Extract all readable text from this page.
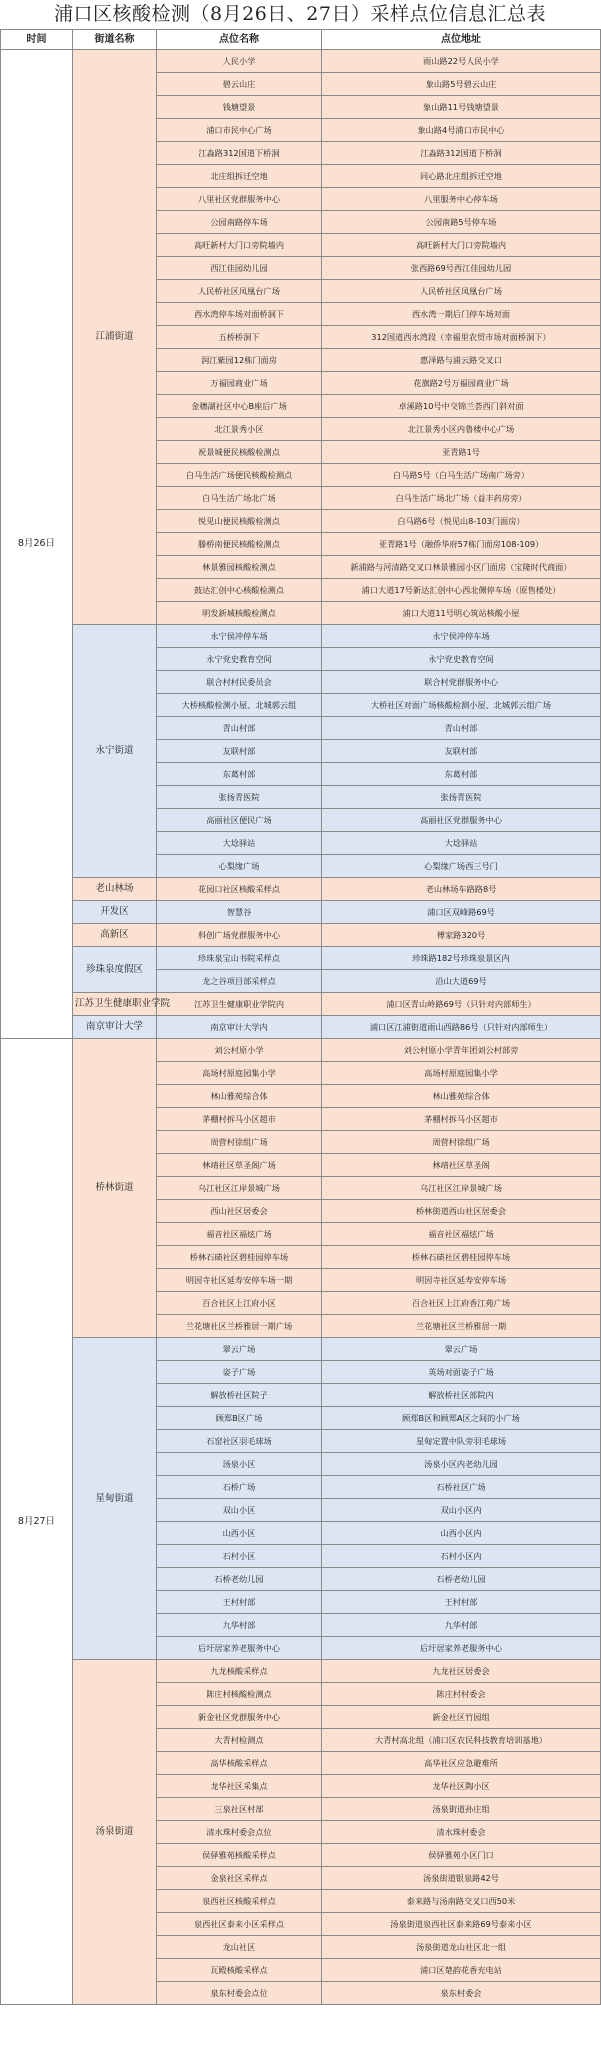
浦口区核酸检测（8月26日、27日）采样点位信息汇总表
时间	街道名称	点位名称	点位地址
8月26日	江浦街道	人民小学	雨山路22号人民小学
		碧云山庄	象山路5号碧云山庄
		钱塘望景	象山路11号钱塘望景
		浦口市民中心广场	象山路4号浦口市民中心
		江淼路312国道下桥洞	江淼路312国道下桥洞
		北庄组拆迁空地	同心路北庄组拆迁空地
		八里社区党群服务中心	八里服务中心停车场
		公园南路停车场	公园南路5号停车场
		高旺新村大门口旁院墙内	高旺新村大门口旁院墙内
		西江佳园幼儿园	张西路69号西江佳园幼儿园
		人民桥社区凤凰台广场	人民桥社区凤凰台广场
		西水湾停车场对面桥洞下	西水湾一期后门停车场对面
		五桥桥洞下	312国道西水湾段（幸福里农贸市场对面桥洞下）
		润江紫园12栋门面房	惠泽路与浦云路交叉口
		万福园商业广场	花旗路2号万福园商业广场
		金穗湖社区中心B座后广场	卓溪路10号中交锦兰荟西门斜对面
		北江景秀小区	北江景秀小区内鲁楼中心广场
		祝景城便民核酸检测点	亚青路1号
		白马生活广场便民核酸检测点	白马路5号（白马生活广场南广场旁）
		白马生活广场北广场	白马生活广场北广场（益丰药房旁）
		悦见山便民核酸检测点	白马路6号（悦见山8-103门面房）
		滕桥南便民核酸检测点	亚青路1号（融侨华府57栋门面房108-109）
		林景雅园核酸检测点	新浦路与河清路交叉口林景雅园小区门面房（宝隆时代商面）
		鼓达汇创中心核酸检测点	浦口大道17号新达汇创中心西北侧停车场（原售楼处）
		明发新城核酸检测点	浦口大道11号明心筑站核酸小屋
	永宁街道	永宁侯冲停车场	永宁侯冲停车场
		永宁党史教育空间	永宁党史教育空间
		联合村村民委员会	联合村党群服务中心
		大桥核酸检测小屋、北城郭云组	大桥社区对面广场核酸检测小屋、北城郭云组广场
		青山村部	青山村部
		友联村部	友联村部
		东葛村部	东葛村部
		张扬青医院	张扬青医院
		高丽社区便民广场	高丽社区党群服务中心
		大埝驿站	大埝驿站
		心梨缘广场	心梨缘广场西三号门
	老山林场	花园口社区核酸采样点	老山林场车路路8号
	开发区	智慧谷	浦口区双峰路69号
	高新区	科创广场党群服务中心	傅家路320号
	珍珠泉度假区	珍珠泉宝山书院采样点	珍珠路182号珍珠泉景区内
		龙之谷项目部采样点	沿山大道69号
	江苏卫生健康职业学院	江苏卫生健康职业学院内	浦口区青山岭路69号（只针对内部师生）
	南京审计大学	南京审计大学内	浦口区江浦街道雨山西路86号（只针对内部师生）
8月27日	桥林街道	刘公村原小学	刘公村原小学青年团刘公村部旁
		高场村原庭园集小学	高场村原庭园集小学
		林山雅苑综合体	林山雅苑综合体
		茅棚村拆马小区超市	茅棚村拆马小区超市
		周营村徐组广场	周营村徐组广场
		林靖社区草圣阁广场	林靖社区草圣阁
		乌江社区江岸景城广场	乌江社区江岸景城广场
		西山社区居委会	桥林街道西山社区居委会
		福音社区福炫广场	福音社区福炫广场
		桥林石碛社区碧桂园停车场	桥林石碛社区碧桂园停车场
		明因寺社区延寿安停车场一期	明因寺社区延寿安停车场
		百合社区上江府小区	百合社区上江府香江苑广场
		兰花塘社区兰桥雅居一期广场	兰花塘社区兰桥雅居一期
	星甸街道	翠云广场	翠云广场
		姿子广场	英场对面姿子广场
		解放桥社区院子	解放桥社区部院内
		顾郑B区广场	顾郑B区和顾郑A区之间的小广场
		石窑社区羽毛球场	星甸定置中队旁羽毛球场
		汤泉小区	汤泉小区内老幼儿园
		石桥广场	石桥社区广场
		双山小区	双山小区内
		山西小区	山西小区内
		石村小区	石村小区内
		石桥老幼儿园	石桥老幼儿园
		王村村部	王村村部
		九华村部	九华村部
		后圩居家养老服务中心	后圩居家养老服务中心
	汤泉街道	九龙核酸采样点	九龙社区居委会
		陈庄村核酸检测点	陈庄村村委会
		新金社区党群服务中心	新金社区竹园组
		大青村检测点	大青村高北组（浦口区农民科技教育培训基地）
		高华核酸采样点	高华社区应急避难所
		龙华社区采集点	龙华社区陶小区
		三泉社区村部	汤泉街道孙庄组
		清水珠村委会点位	清水珠村委会
		侯驿雅苑核酸采样点	侯驿雅苑小区门口
		金泉社区采样点	汤泉街道银泉路42号
		泉西社区核酸采样点	泰来路与汤南路交叉口西50米
		泉西社区泰来小区采样点	汤泉街道泉西社区泰来路69号泰来小区
		龙山社区	汤泉街道龙山社区北一组
		瓦殿核酸采样点	浦口区楚韵花香充电站
		泉东村委会点位	泉东村委会
